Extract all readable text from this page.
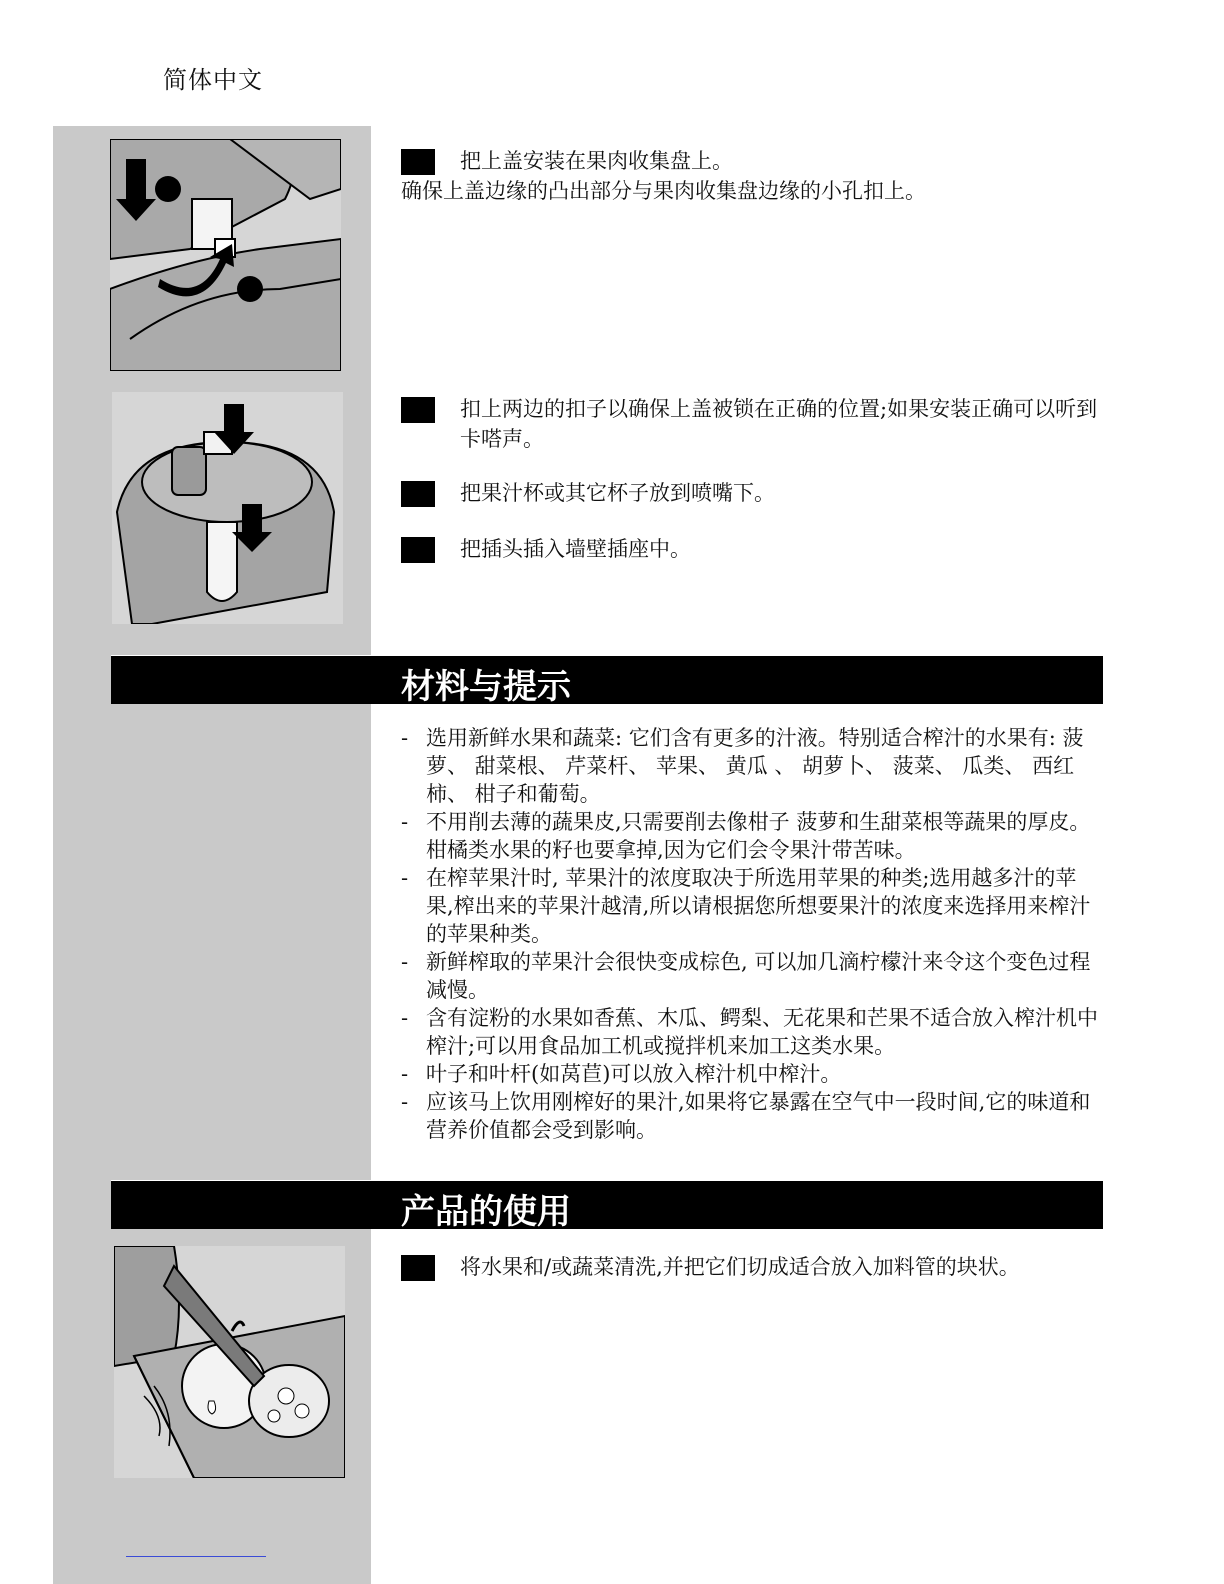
简体中文
把上盖安装在果肉收集盘上。
确保上盖边缘的凸出部分与果肉收集盘边缘的小孔扣上。
扣上两边的扣子以确保上盖被锁在正确的位置;如果安装正确可以听到卡嗒声。
把果汁杯或其它杯子放到喷嘴下。
把插头插入墙壁插座中。
材料与提示
- 选用新鲜水果和蔬菜: 它们含有更多的汁液。特别适合榨汁的水果有: 菠萝、 甜菜根、 芹菜杆、 苹果、 黄瓜 、 胡萝卜、 菠菜、 瓜类、 西红柿、 柑子和葡萄。
- 不用削去薄的蔬果皮,只需要削去像柑子 菠萝和生甜菜根等蔬果的厚皮。柑橘类水果的籽也要拿掉,因为它们会令果汁带苦味。
- 在榨苹果汁时, 苹果汁的浓度取决于所选用苹果的种类;选用越多汁的苹果,榨出来的苹果汁越清,所以请根据您所想要果汁的浓度来选择用来榨汁的苹果种类。
- 新鲜榨取的苹果汁会很快变成棕色, 可以加几滴柠檬汁来令这个变色过程减慢。
- 含有淀粉的水果如香蕉、木瓜、鳄梨、无花果和芒果不适合放入榨汁机中榨汁;可以用食品加工机或搅拌机来加工这类水果。
- 叶子和叶杆(如莴苣)可以放入榨汁机中榨汁。
- 应该马上饮用刚榨好的果汁,如果将它暴露在空气中一段时间,它的味道和营养价值都会受到影响。
产品的使用
将水果和/或蔬菜清洗,并把它们切成适合放入加料管的块状。
